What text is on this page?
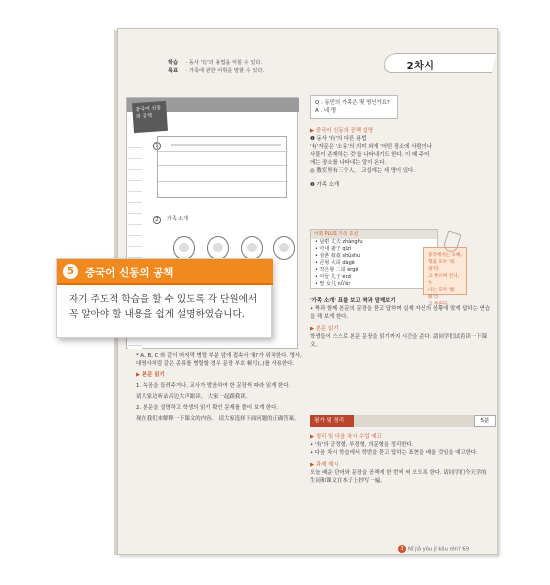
학습 · 동사 '有'의 용법을 익힐 수 있다.
목표 · 가족에 관한 어휘를 말할 수 있다.	2차시
중국어 신동의 공책
1
2	가족 소개
Q : 동민의 가족은 몇 명인가요?
A : 네 명
▶ 중국어 신동의 공책 설명
❶ 동사 '有'의 다른 용법
'有'자문은 '소유'의 의미 외에 '어떤 장소에 사람이나
사물이 존재하는 것'을 나타내기도 한다. 이 때 주어
에는 장소를 나타내는 말이 온다.
◎ 教室里有三个人。 교실에는 세 명이 있다.
❷ 가족 소개
어휘 PLUS 가족 호칭
• 남편 丈夫 zhàngfu
• 아내 妻子 qīzi
• 삼촌 叔叔 shūshu
• 큰형 大哥 dàgē
• 작은형 二哥 èrgē
• 아들 儿子 érzi
• 딸 女儿 nǚ'ér
중국에서는 오빠,
형을 모두 '哥哥'라
고 부르며 언니, 누
나는 모두 '姐姐'라
고 부른다.
'가족 소개' 표를 보고 짝과 말해보기
• 짝과 함께 본문의 문장을 묻고 답하며 실제 자신의 상황에 맞게 답하는 연습을 해 보게 한다.
▶ 본문 읽기
학생들이 스스로 본문 문장을 읽기까지 시간을 준다. 請同学们试着读一下课文。
평가 및 정리	5분
▶ 정리 및 다음 차시 수업 예고
• '有'의 긍정형, 부정형, 의문형을 정리한다.
• 다음 차시 학습에서 학번을 묻고 답하는 표현을 배울 것임을 예고한다.
▶ 과제 제시
오늘 배운 단어와 문장을 공책에 한 번씩 써 오도록 한다. 请同学们今天学的生词和课文在本子上抄写一遍。
3 Nǐ jiā yǒu jǐ kǒu rén? 69

* A, B, C 와 같이 마지막 병렬 부분 앞에 접속사 '和'가 위치한다. 명사, 대명사처럼 같은 종류를 병렬할 경우 문장 부호 顿号(、)를 사용한다.

▶ 본문 읽기

1. 녹음을 들려주거나, 교사가 발음하여 한 문장씩 따라 읽게 한다.

请大家边听录音边大声跟读。 大家一起跟我读。

2. 본문을 설명하고 학생의 읽기 확인 문제를 풀어 보게 한다.

现在我们来解释一下课文的内容。 请大家选择下面问题的正确答案。

5	중국어 신동의 공책
자기 주도적 학습을 할 수 있도록 각 단원에서
꼭 알아야 할 내용을 쉽게 설명하였습니다.
